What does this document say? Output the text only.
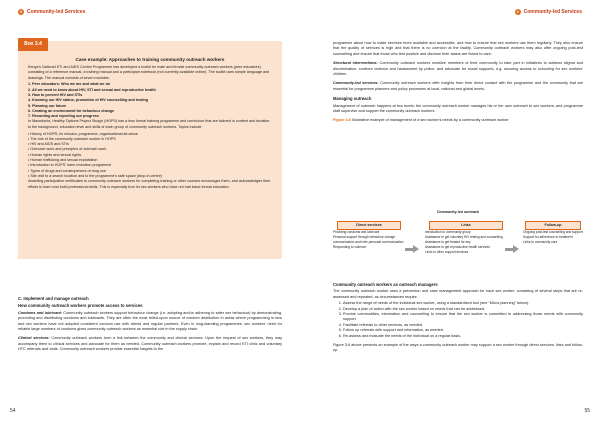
3 Community-led Services
Case example: Approaches to training community outreach workers

Kenya's National STI and AIDS Control Programme has developed a toolkit for male and female community outreach workers (peer educators) consisting of a reference manual, a training manual and a participant notebook (not currently available online). The toolkit uses simple language and drawings. The manual consists of seven modules:

1. Peer educators: Who we are and what we do
2. All we need to know about HIV, STI and sexual and reproductive health
3. How to prevent HIV and STIs
4. Knowing our HIV status; promotion of HIV counselling and testing
5. Planning our future
6. Creating an environment for behaviour change
7. Recording and reporting our progress

In Macedonia, Healthy Options Project Skopje (HOPS) has a less formal training programme and curriculum that are tailored in content and duration to the background, education level and skills of each group of community outreach workers. Topics include:

• History of HOPS, its mission, programme, organizational structure
• The role of the community outreach worker in HOPS
• HIV and AIDS and STIs
• Outreach work and principles of outreach work
• Human rights and sexual rights
• Human trafficking and sexual exploitation
• Introduction to HOPS' harm reduction programme
• Types of drugs and consequences of drug use
• Site visit to a search location and to the programme's safe space (drop-in centre)

Awarding participation certificates to community outreach workers for completing training or other courses encourages them, and acknowledges their efforts to learn and build professional skills. This is especially true for sex workers who have not had basic formal education.

Box 3.4
C. Implement and manage outreach
How community outreach workers promote access to services

Condoms and lubricant: Community outreach workers support behaviour change (i.e. adopting and/or adhering to safer sex behaviour) by demonstrating, promoting and distributing condoms and lubricants. They are often the most relied-upon source of condom distribution in areas where programming is new and sex workers have not adopted consistent condom use with clients and regular partners. Even in long-standing programmes, sex workers' need for reliable large numbers of condoms gives community outreach workers an essential role in the supply chain.

Clinical services: Community outreach workers form a link between the community and clinical services. Upon the request of sex workers, they may accompany them to clinical services and advocate for them as needed. Community outreach workers promote, explain and record STI clinic and voluntary HTC referrals and visits. Community outreach workers provide essential insights to the

54
3 Community-led Services

programme about how to make services more available and accessible, and how to ensure that sex workers use them regularly. They also ensure that the quality of services is high and that there is no coercion at the facility. Community outreach workers may also offer ongoing post-test counselling and ensure that those who test positive and disclose their status are linked to care.

Structural interventions: Community outreach workers mobilize members of their community to take part in initiatives to address stigma and discrimination, confront violence and harassment by police, and advocate for social supports, e.g. securing access to schooling for sex workers' children.

Community-led services: Community outreach workers offer insights from their direct contact with the programme and the community that are essential for programme planners and policy processes at local, national and global levels.

Managing outreach

Management of outreach happens at two levels: the community outreach worker manages his or her own outreach to sex workers; and programme staff supervise and support the community outreach workers.

Figure 3.6 Illustrative example of management of a sex worker's needs by a community outreach worker

Community-led outreach
Direct services
Providing condoms and lubricant
Personal support through behaviour change communication and inter-personal communication
Responding to violence
Links
Introduction to community group
Assistance to get voluntary HIV testing and counselling
Assistance to get treated for any
Assistance to get reproductive health services
Links to other support services
Follow-up
Ongoing post-test counselling and support
Support for adherence to treatment
Links to community care
Community outreach workers as outreach managers

The community outreach worker uses a prevention and case management approach for each sex worker, consisting of several steps that are re-assessed and repeated, as circumstances require.

1. Assess the range of needs of the individual sex worker, using a standardized tool (see "Micro-planning" below).
2. Develop a plan of action with the sex worker based on needs that can be addressed.
3. Provide commodities, information and counselling to ensure that the sex worker is committed to addressing those needs with community support.
4. Facilitate referrals to other services, as needed.
5. Follow up referrals with support and information, as needed.
6. Re-assess and evaluate the needs of the individual on a regular basis.

Figure 3.6 above presents an example of the ways a community outreach worker may support a sex worker through direct services, links and follow-up.

55
